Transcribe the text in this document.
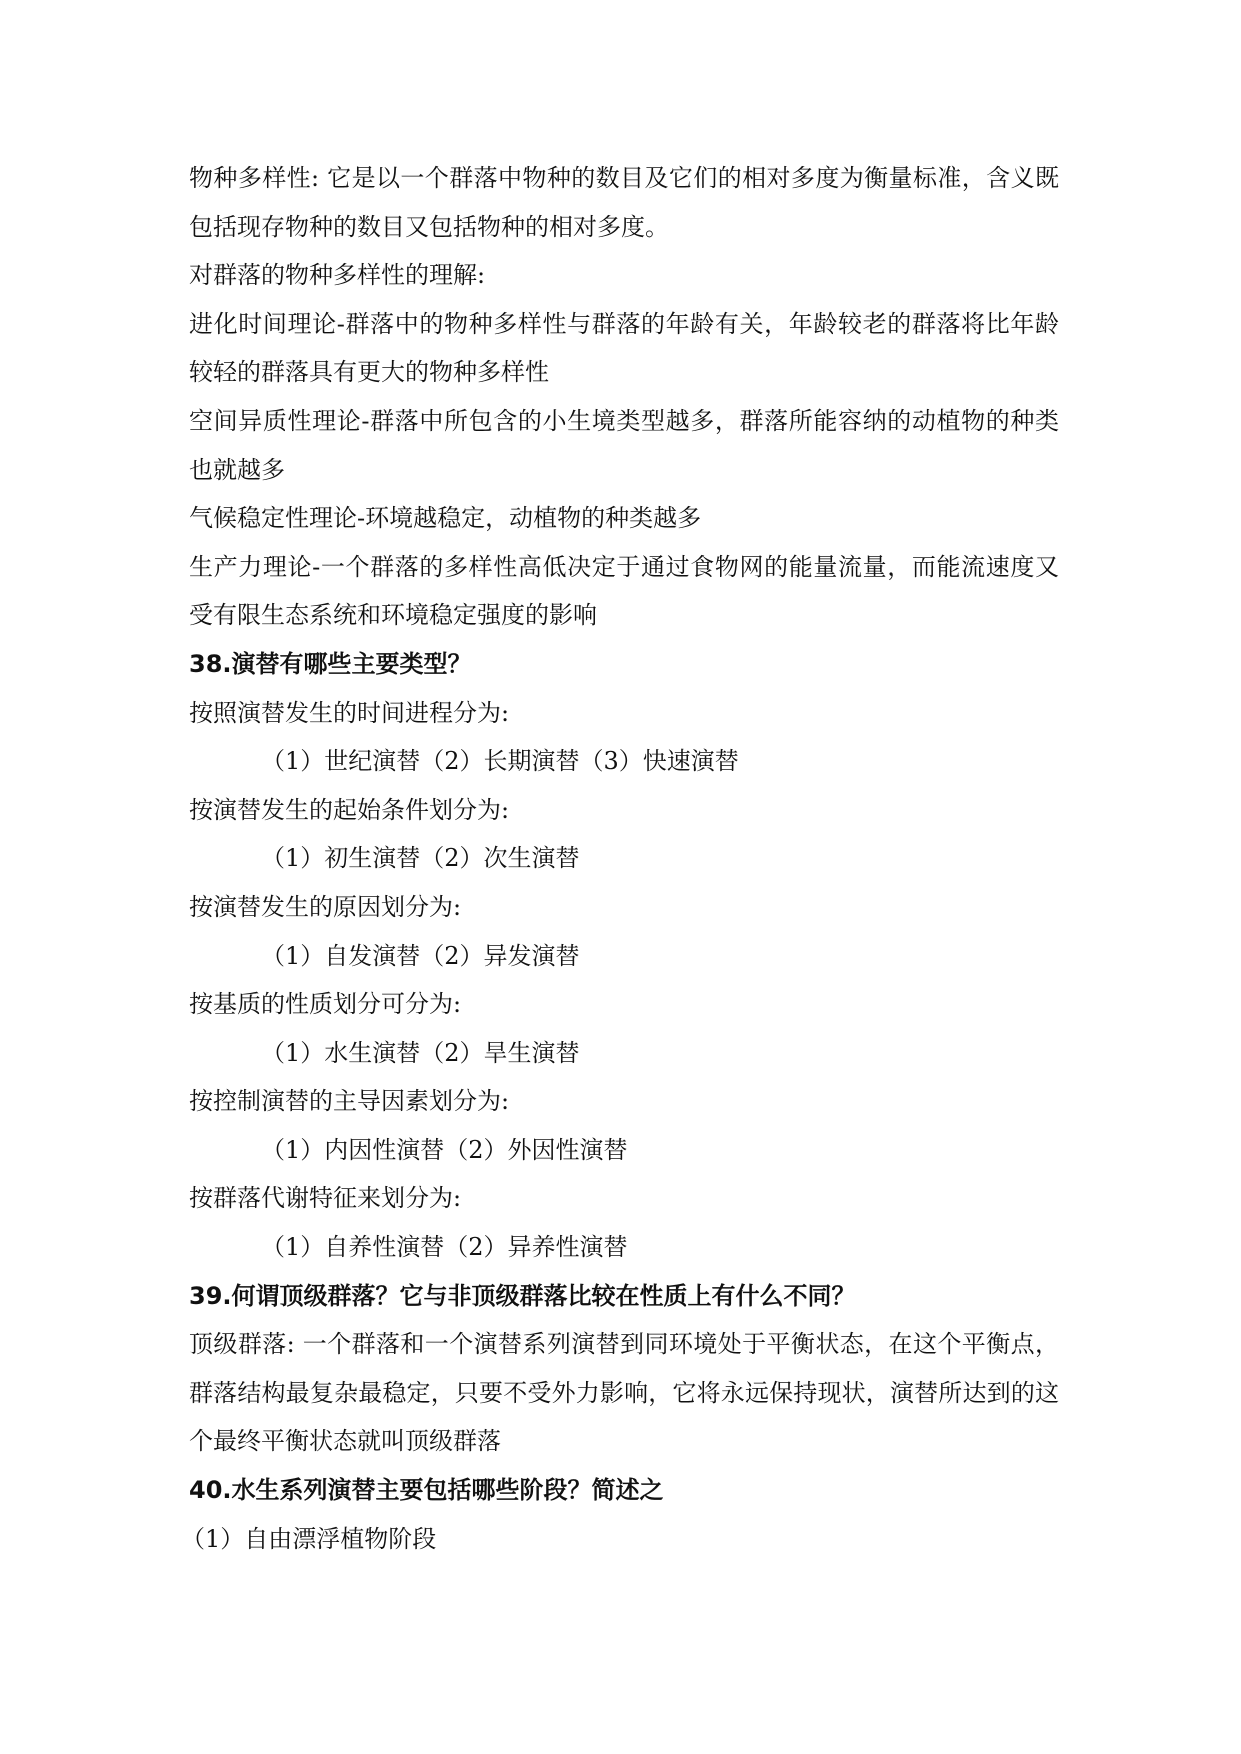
物种多样性: 它是以一个群落中物种的数目及它们的相对多度为衡量标准，含义既包括现存物种的数目又包括物种的相对多度。

对群落的物种多样性的理解:

进化时间理论-群落中的物种多样性与群落的年龄有关，年龄较老的群落将比年龄较轻的群落具有更大的物种多样性

空间异质性理论-群落中所包含的小生境类型越多，群落所能容纳的动植物的种类也就越多

气候稳定性理论-环境越稳定，动植物的种类越多

生产力理论-一个群落的多样性高低决定于通过食物网的能量流量，而能流速度又受有限生态系统和环境稳定强度的影响

38.演替有哪些主要类型？

按照演替发生的时间进程分为:

（1）世纪演替（2）长期演替（3）快速演替

按演替发生的起始条件划分为:

（1）初生演替（2）次生演替

按演替发生的原因划分为:

（1）自发演替（2）异发演替

按基质的性质划分可分为:

（1）水生演替（2）旱生演替

按控制演替的主导因素划分为:

（1）内因性演替（2）外因性演替

按群落代谢特征来划分为:

（1）自养性演替（2）异养性演替

39.何谓顶级群落？它与非顶级群落比较在性质上有什么不同？

顶级群落: 一个群落和一个演替系列演替到同环境处于平衡状态，在这个平衡点，群落结构最复杂最稳定，只要不受外力影响，它将永远保持现状，演替所达到的这个最终平衡状态就叫顶级群落

40.水生系列演替主要包括哪些阶段？简述之

（1）自由漂浮植物阶段
